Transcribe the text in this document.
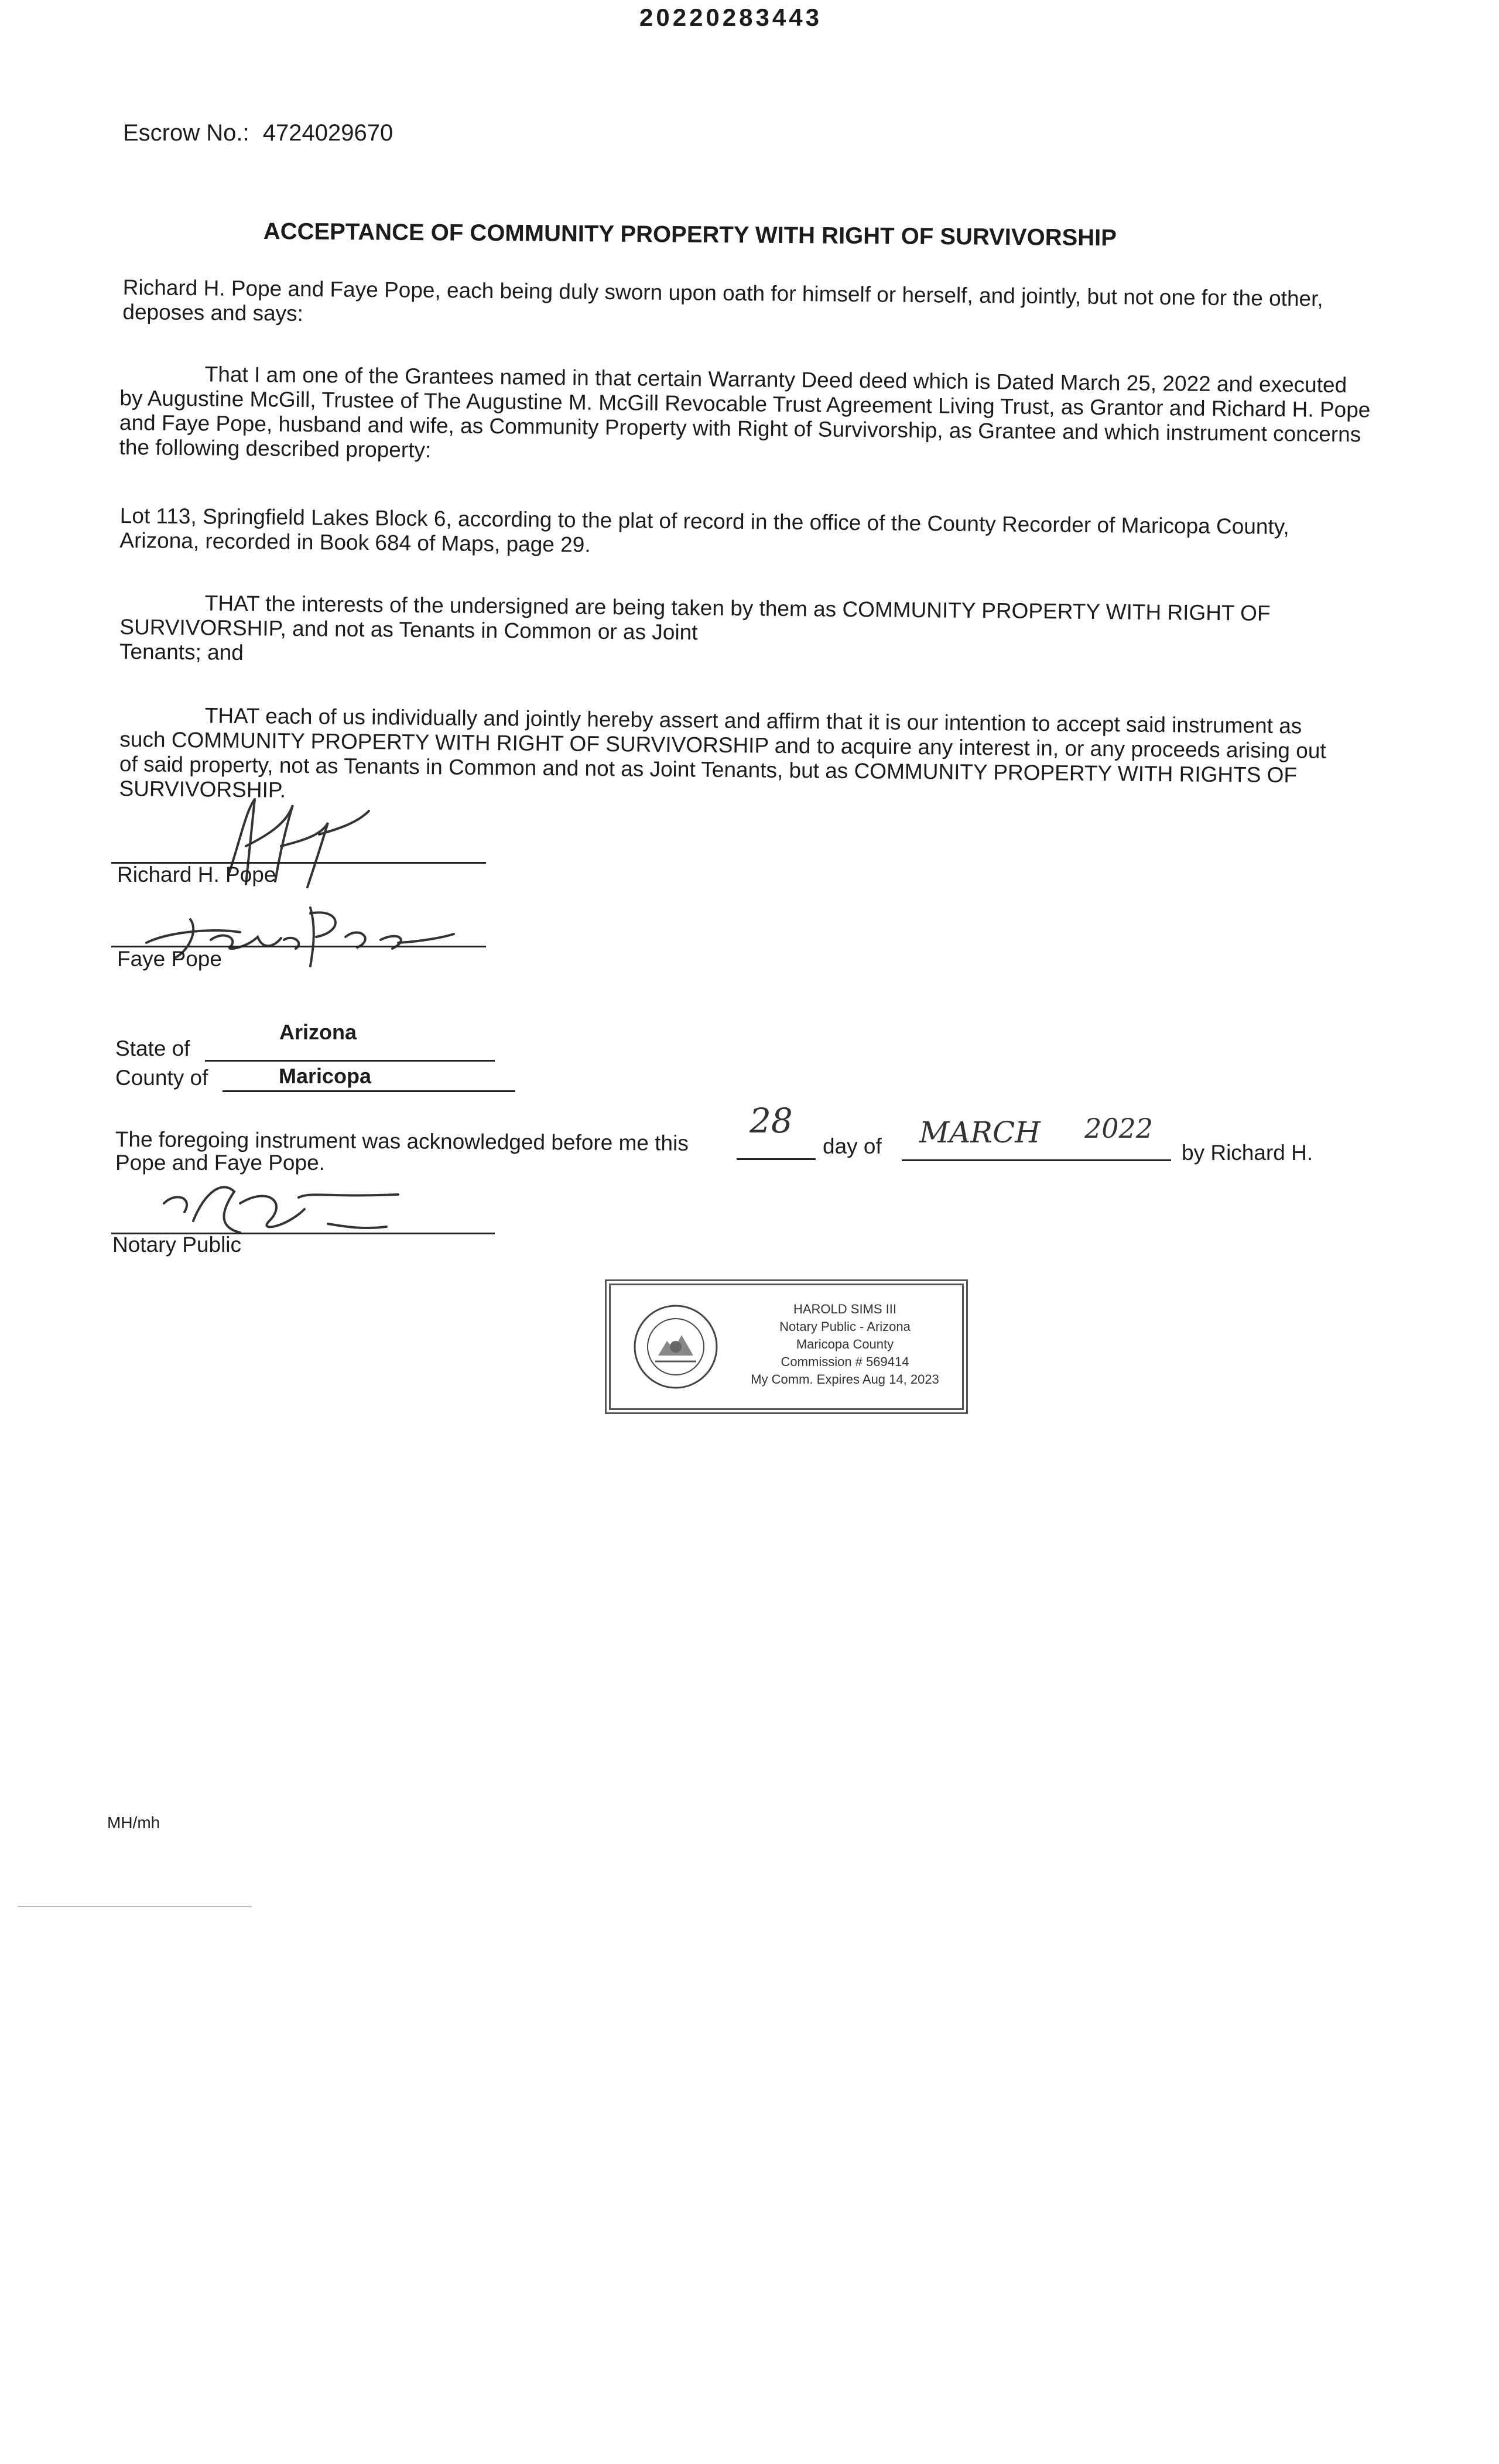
20220283443
Escrow No.: 4724029670
ACCEPTANCE OF COMMUNITY PROPERTY WITH RIGHT OF SURVIVORSHIP
Richard H. Pope and Faye Pope, each being duly sworn upon oath for himself or herself, and jointly, but not one for the other, deposes and says:
That I am one of the Grantees named in that certain Warranty Deed deed which is Dated March 25, 2022 and executed by Augustine McGill, Trustee of The Augustine M. McGill Revocable Trust Agreement Living Trust, as Grantor and Richard H. Pope and Faye Pope, husband and wife, as Community Property with Right of Survivorship, as Grantee and which instrument concerns the following described property:
Lot 113, Springfield Lakes Block 6, according to the plat of record in the office of the County Recorder of Maricopa County, Arizona, recorded in Book 684 of Maps, page 29.
THAT the interests of the undersigned are being taken by them as COMMUNITY PROPERTY WITH RIGHT OF SURVIVORSHIP, and not as Tenants in Common or as Joint
Tenants; and
THAT each of us individually and jointly hereby assert and affirm that it is our intention to accept said instrument as such COMMUNITY PROPERTY WITH RIGHT OF SURVIVORSHIP and to acquire any interest in, or any proceeds arising out of said property, not as Tenants in Common and not as Joint Tenants, but as COMMUNITY PROPERTY WITH RIGHTS OF SURVIVORSHIP.
Richard H. Pope
Faye Pope
State of
Arizona
County of	Maricopa
The foregoing instrument was acknowledged before me this
28
day of MARCH 2022
by Richard H.
Pope and Faye Pope.
Notary Public
HAROLD SIMS III
Notary Public - Arizona
Maricopa County
Commission # 569414
My Comm. Expires Aug 14, 2023
MH/mh
